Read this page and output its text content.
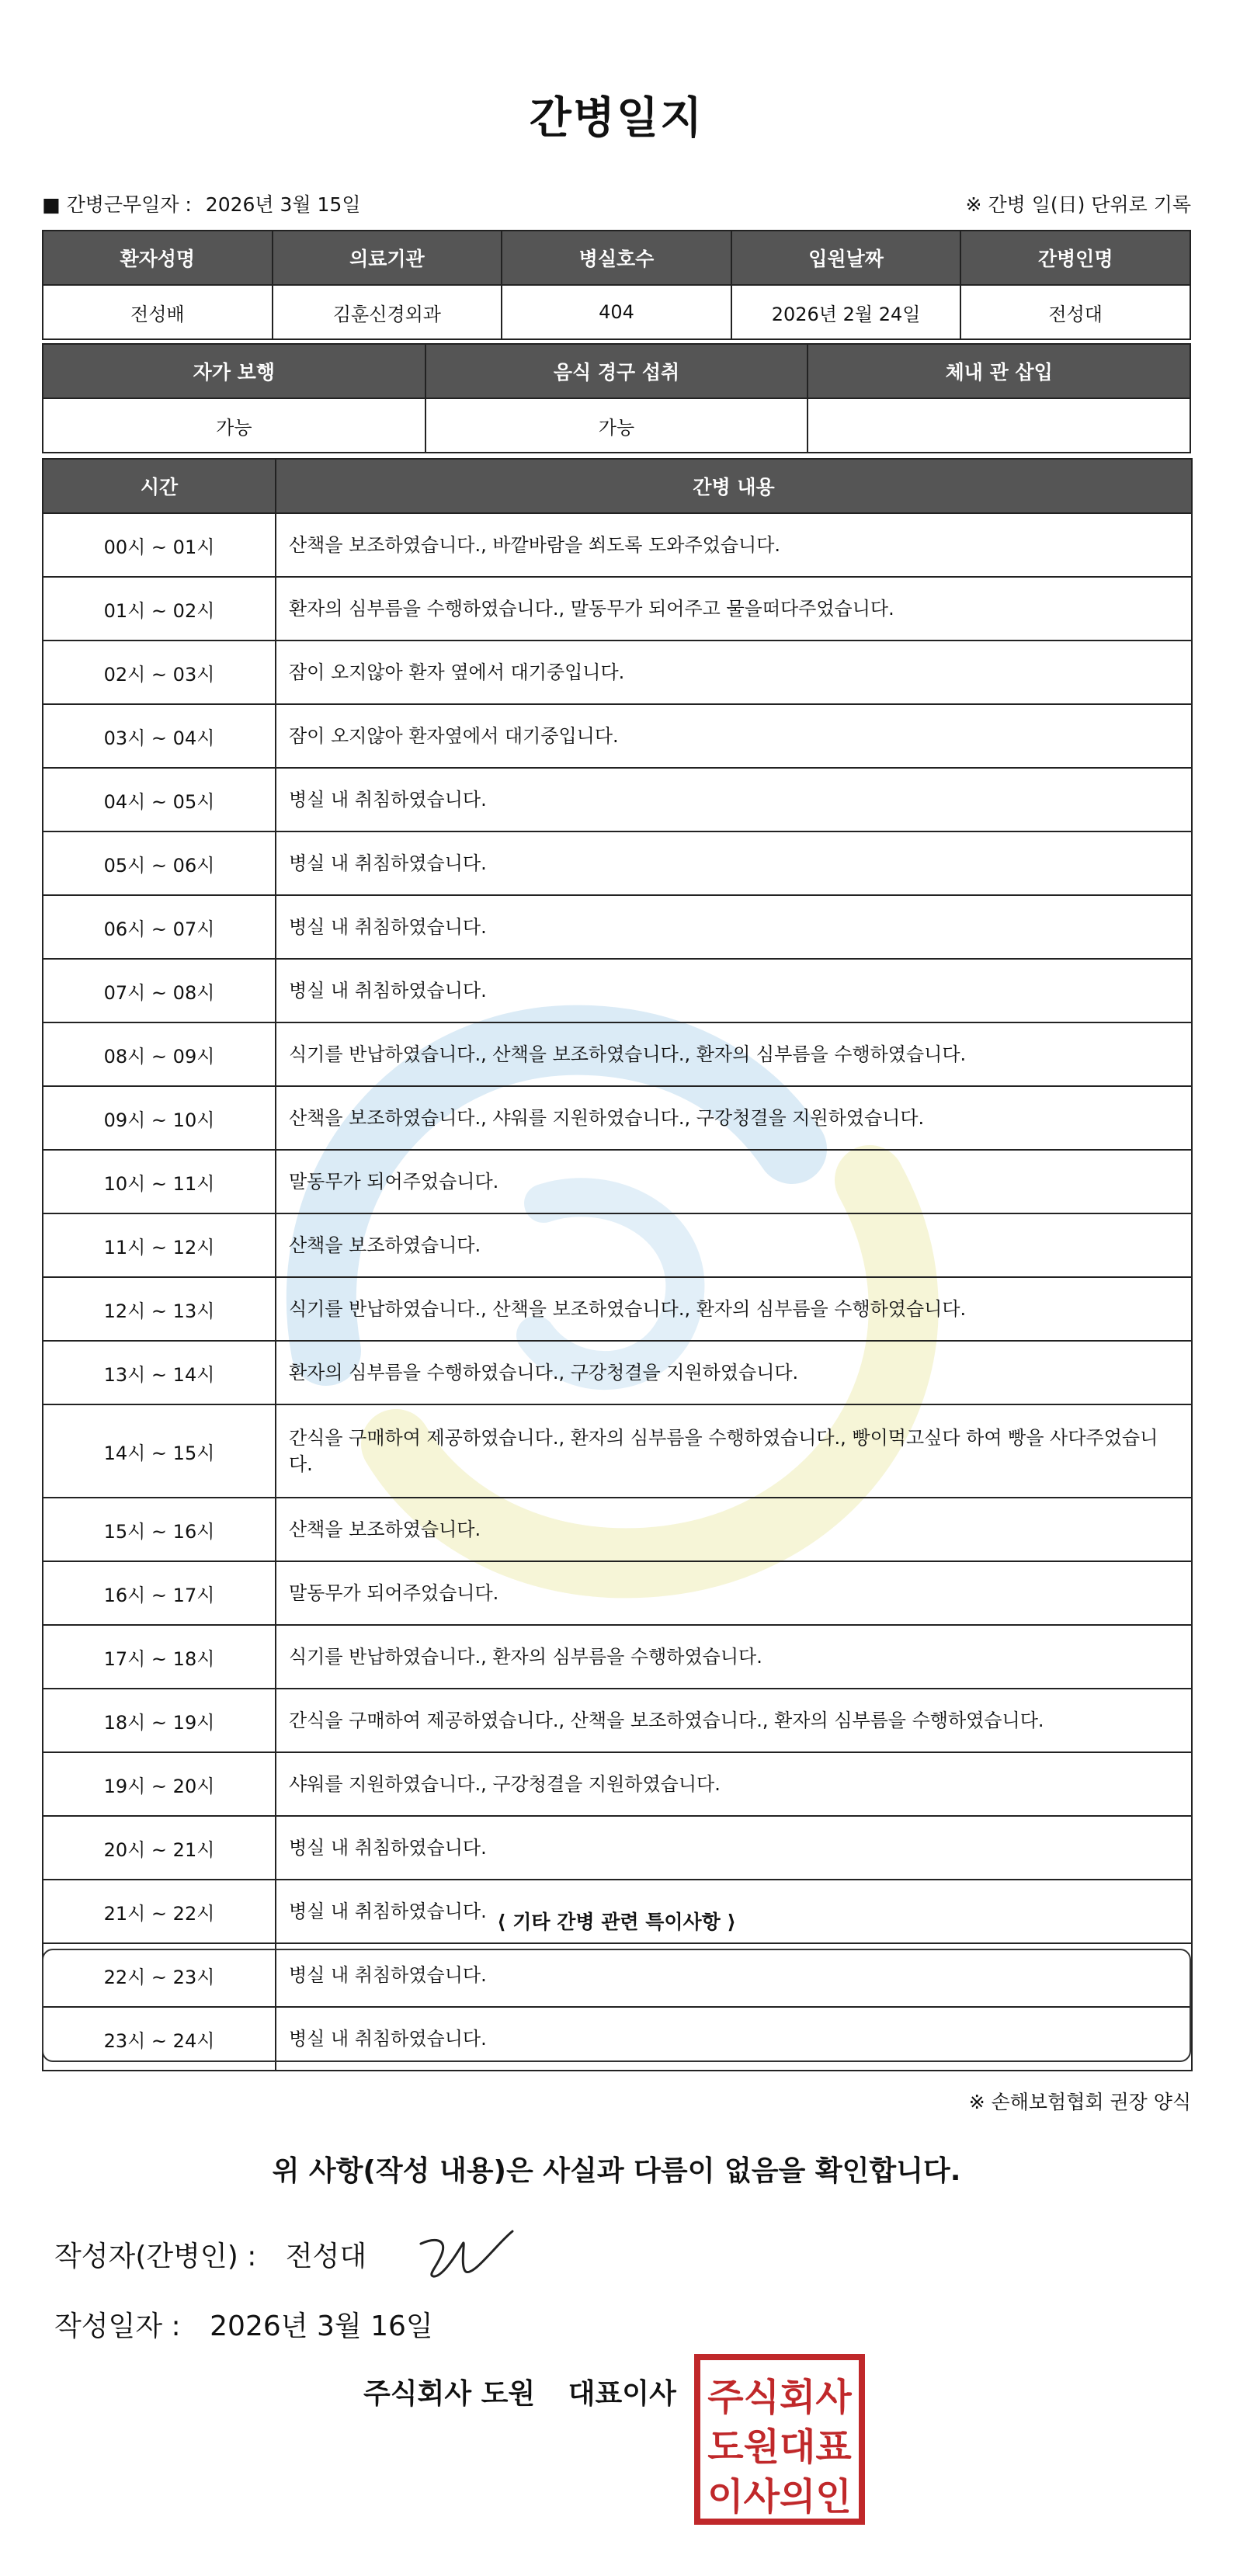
간병일지
■ 간병근무일자 : 2026년 3월 15일	※ 간병 일(日) 단위로 기록
환자성명	의료기관	병실호수	입원날짜	간병인명
전성배	김훈신경외과	404	2026년 2월 24일	전성대
자가 보행	음식 경구 섭취	체내 관 삽입
가능	가능	
시간	간병 내용
00시 ~ 01시	산책을 보조하였습니다., 바깥바람을 쐬도록 도와주었습니다.
01시 ~ 02시	환자의 심부름을 수행하였습니다., 말동무가 되어주고 물을떠다주었습니다.
02시 ~ 03시	잠이 오지않아 환자 옆에서 대기중입니다.
03시 ~ 04시	잠이 오지않아 환자옆에서 대기중입니다.
04시 ~ 05시	병실 내 취침하였습니다.
05시 ~ 06시	병실 내 취침하였습니다.
06시 ~ 07시	병실 내 취침하였습니다.
07시 ~ 08시	병실 내 취침하였습니다.
08시 ~ 09시	식기를 반납하였습니다., 산책을 보조하였습니다., 환자의 심부름을 수행하였습니다.
09시 ~ 10시	산책을 보조하였습니다., 샤워를 지원하였습니다., 구강청결을 지원하였습니다.
10시 ~ 11시	말동무가 되어주었습니다.
11시 ~ 12시	산책을 보조하였습니다.
12시 ~ 13시	식기를 반납하였습니다., 산책을 보조하였습니다., 환자의 심부름을 수행하였습니다.
13시 ~ 14시	환자의 심부름을 수행하였습니다., 구강청결을 지원하였습니다.
14시 ~ 15시	간식을 구매하여 제공하였습니다., 환자의 심부름을 수행하였습니다., 빵이먹고싶다 하여 빵을 사다주었습니다.
15시 ~ 16시	산책을 보조하였습니다.
16시 ~ 17시	말동무가 되어주었습니다.
17시 ~ 18시	식기를 반납하였습니다., 환자의 심부름을 수행하였습니다.
18시 ~ 19시	간식을 구매하여 제공하였습니다., 산책을 보조하였습니다., 환자의 심부름을 수행하였습니다.
19시 ~ 20시	샤워를 지원하였습니다., 구강청결을 지원하였습니다.
20시 ~ 21시	병실 내 취침하였습니다.
21시 ~ 22시	병실 내 취침하였습니다.
22시 ~ 23시	병실 내 취침하였습니다.
23시 ~ 24시	병실 내 취침하였습니다.
⟨ 기타 간병 관련 특이사항 ⟩
※ 손해보험협회 권장 양식
위 사항(작성 내용)은 사실과 다름이 없음을 확인합니다.
작성자(간병인) : 전성대
작성일자 : 2026년 3월 16일
주식회사 도원 대표이사 주식회사
도원대표
이사의인
